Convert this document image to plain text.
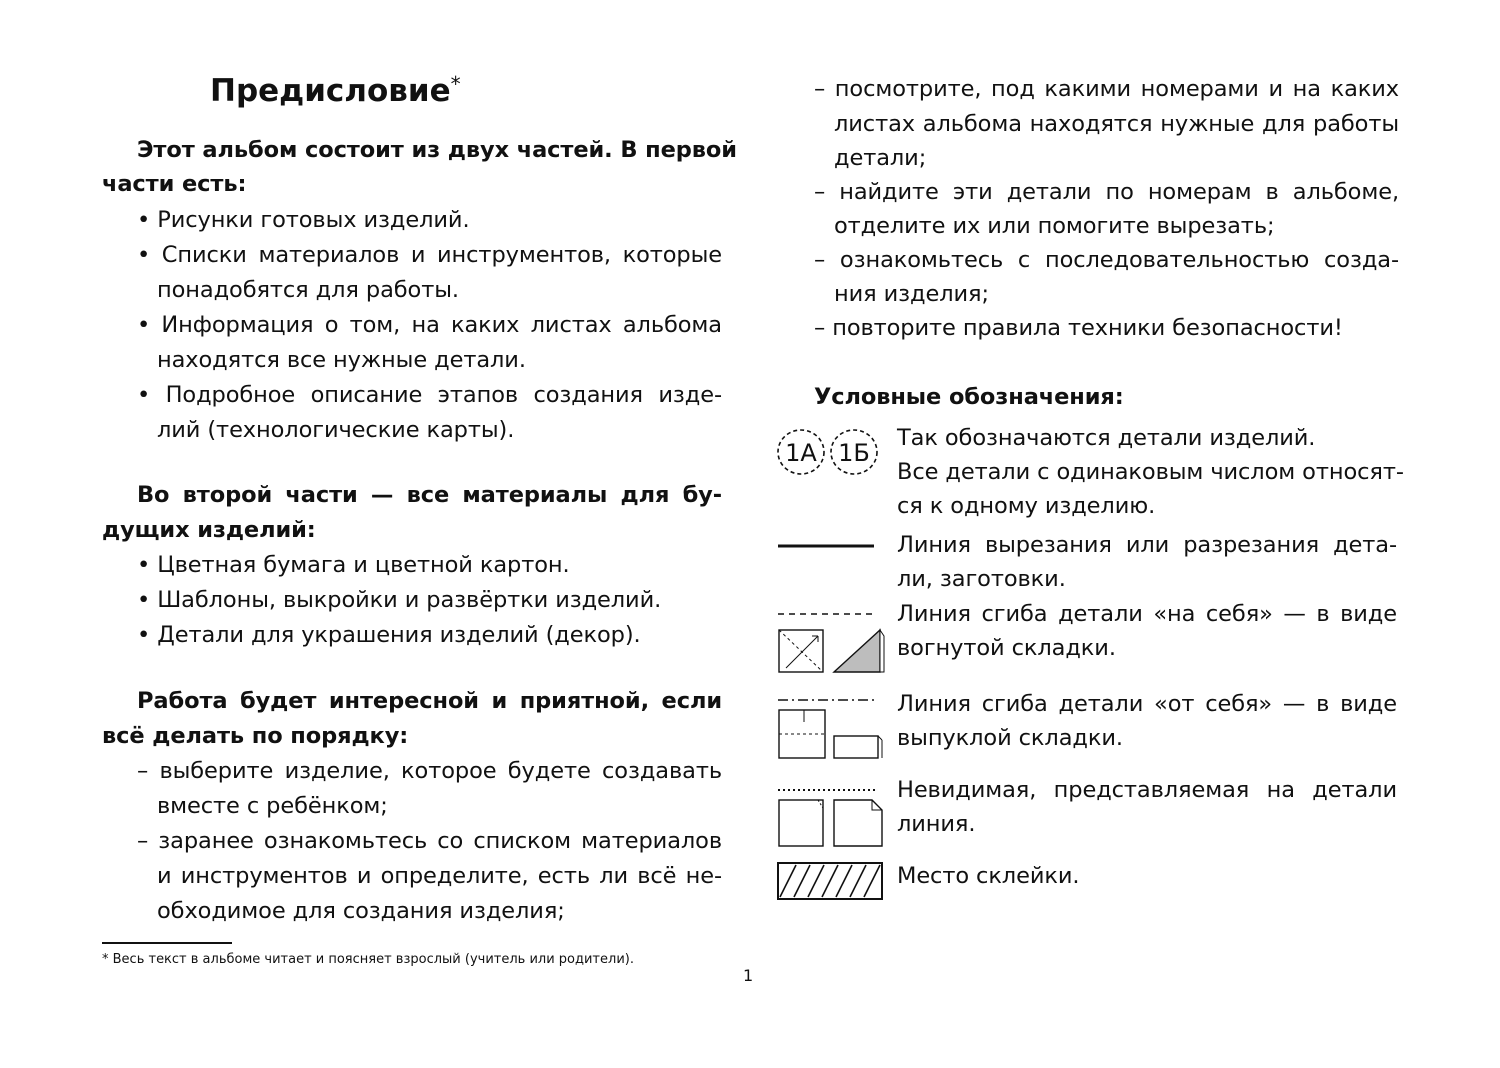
Предисловие*
Этот альбом состоит из двух частей. В первой
части есть:
• Рисунки готовых изделий.
• Списки материалов и инструментов, которые
понадобятся для работы.
• Информация о том, на каких листах альбома
находятся все нужные детали.
• Подробное описание этапов создания изде-
лий (технологические карты).
Во второй части — все материалы для бу-
дущих изделий:
• Цветная бумага и цветной картон.
• Шаблоны, выкройки и развёртки изделий.
• Детали для украшения изделий (декор).
Работа будет интересной и приятной, если
всё делать по порядку:
– выберите изделие, которое будете создавать
вместе с ребёнком;
– заранее ознакомьтесь со списком материалов
и инструментов и определите, есть ли всё не-
обходимое для создания изделия;
* Весь текст в альбоме читает и поясняет взрослый (учитель или родители).
1
– посмотрите, под какими номерами и на каких
листах альбома находятся нужные для работы
детали;
– найдите эти детали по номерам в альбоме,
отделите их или помогите вырезать;
– ознакомьтесь с последовательностью созда-
ния изделия;
– повторите правила техники безопасности!
Условные обозначения:
1А 1Б
Так обозначаются детали изделий.
Все детали с одинаковым числом относят-
ся к одному изделию.
Линия вырезания или разрезания дета-
ли, заготовки.
Линия сгиба детали «на себя» — в виде
вогнутой складки.
Линия сгиба детали «от себя» — в виде
выпуклой складки.
Невидимая, представляемая на детали
линия.
Место склейки.
